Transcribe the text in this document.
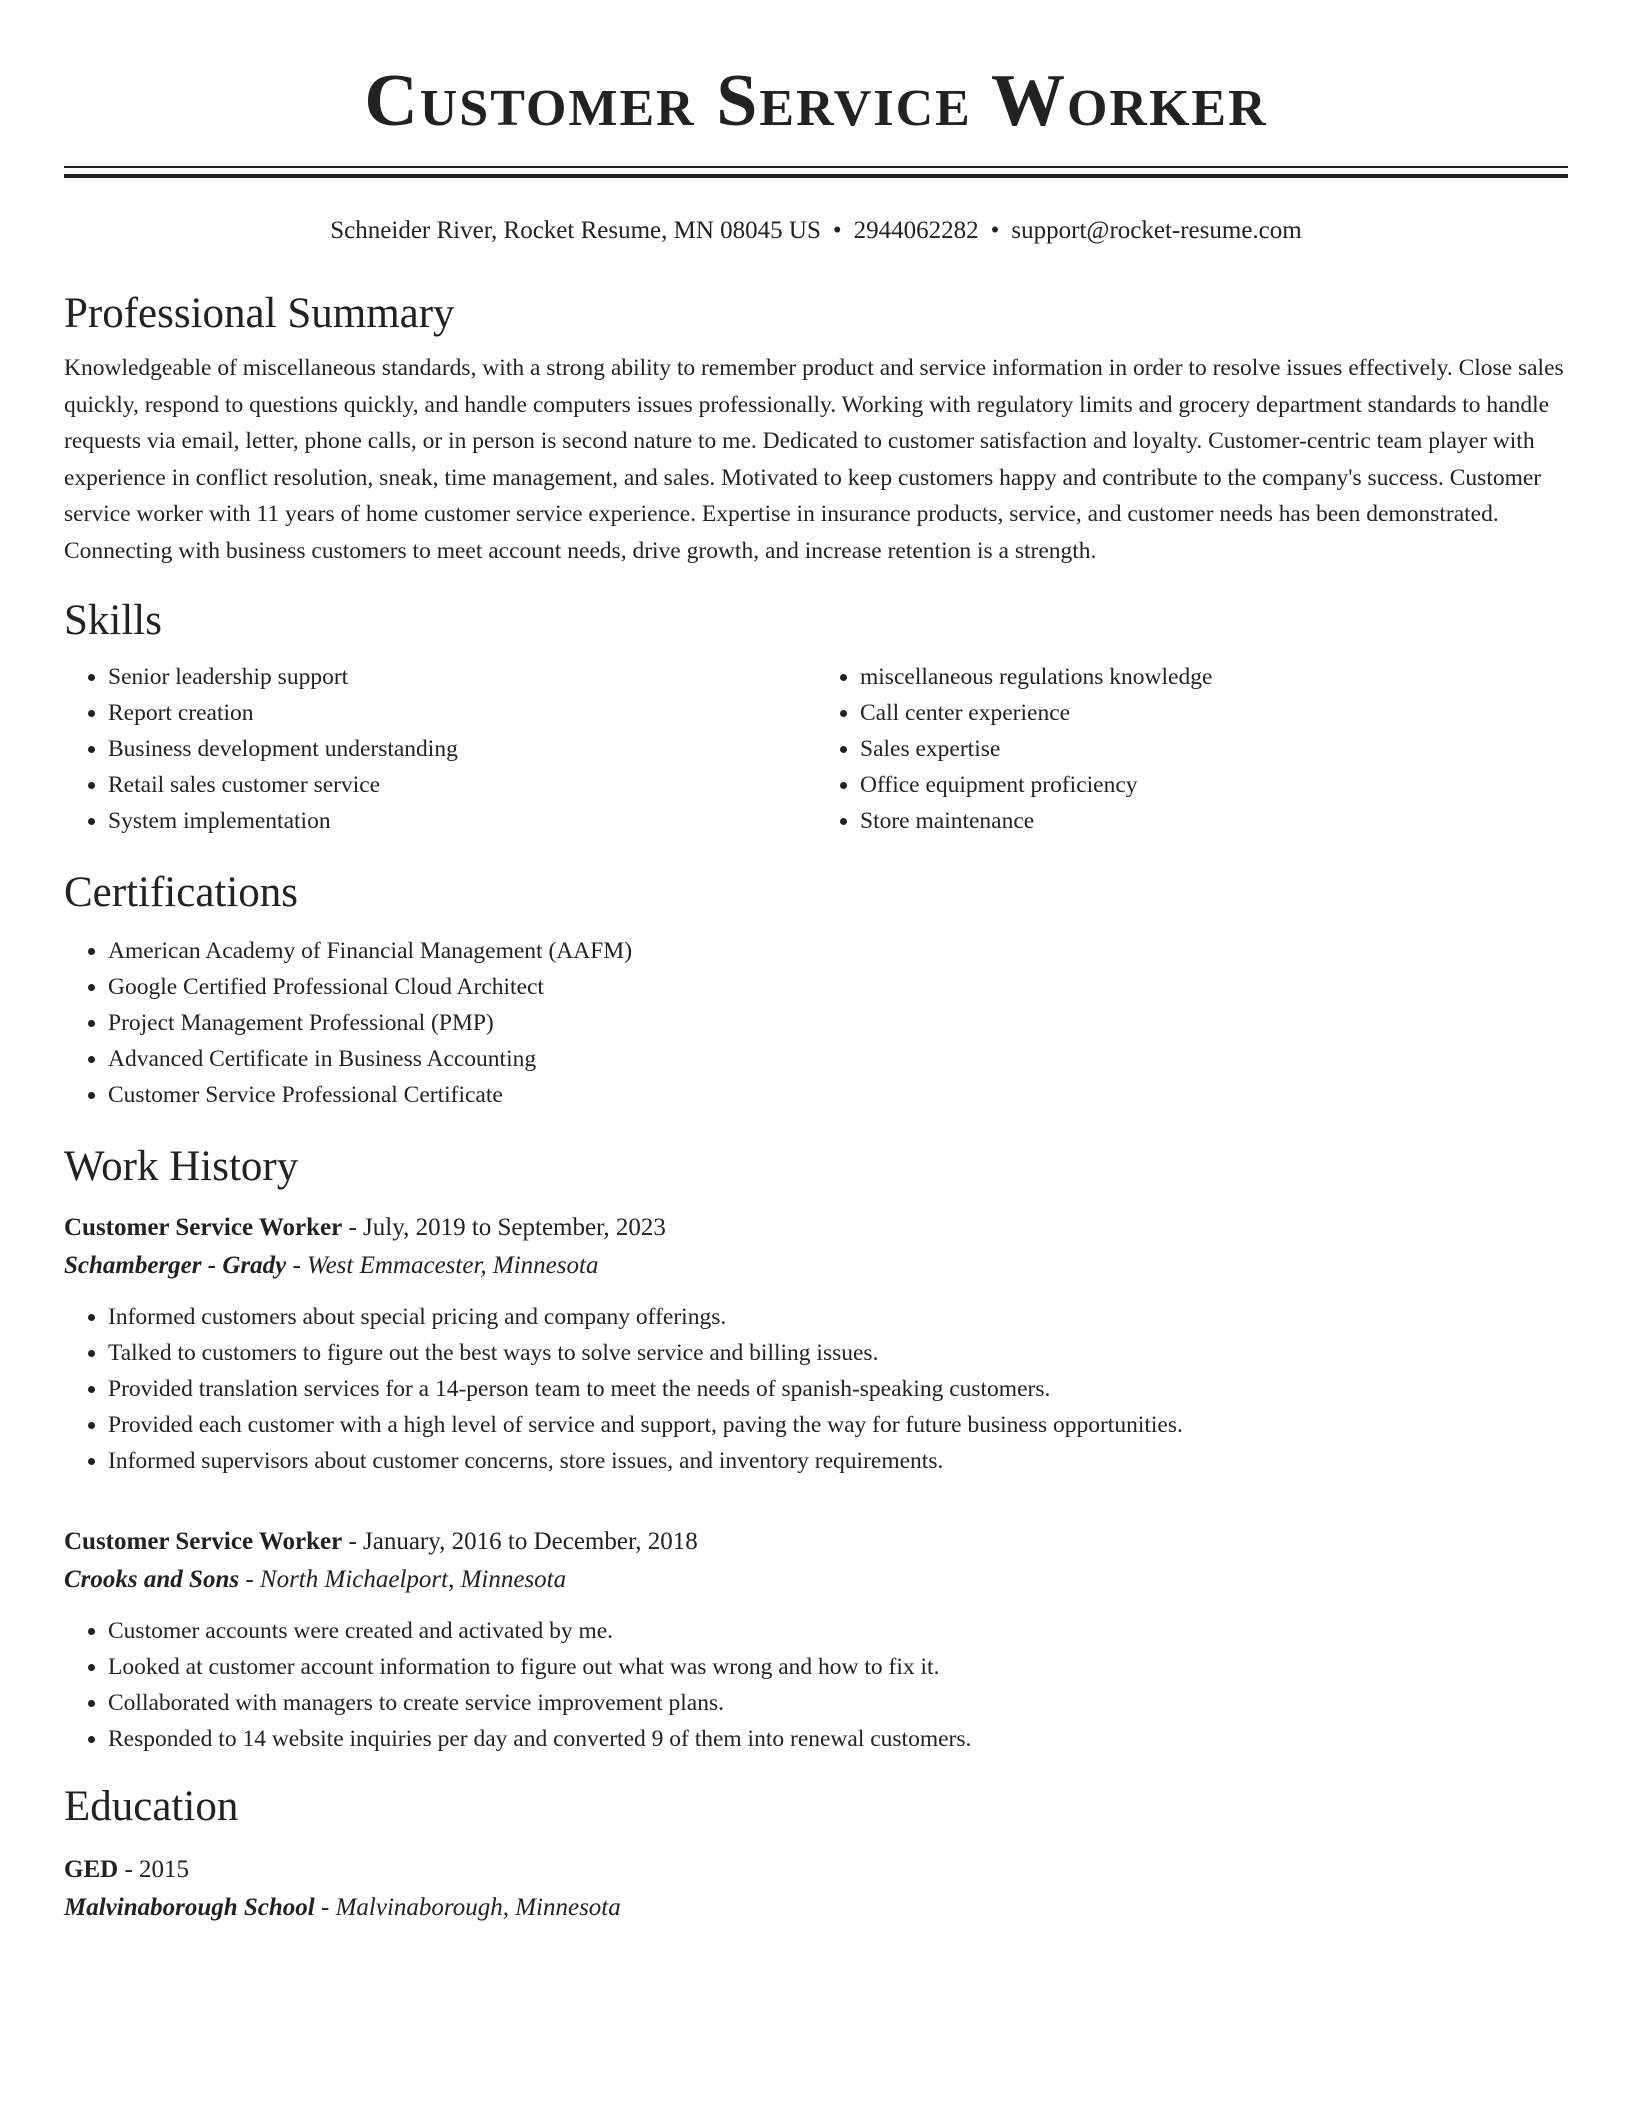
Customer Service Worker
Schneider River, Rocket Resume, MN 08045 US • 2944062282 • support@rocket-resume.com
Professional Summary

Knowledgeable of miscellaneous standards, with a strong ability to remember product and service information in order to resolve issues effectively. Close sales quickly, respond to questions quickly, and handle computers issues professionally. Working with regulatory limits and grocery department standards to handle requests via email, letter, phone calls, or in person is second nature to me. Dedicated to customer satisfaction and loyalty. Customer-centric team player with experience in conflict resolution, sneak, time management, and sales. Motivated to keep customers happy and contribute to the company's success. Customer service worker with 11 years of home customer service experience. Expertise in insurance products, service, and customer needs has been demonstrated. Connecting with business customers to meet account needs, drive growth, and increase retention is a strength.

Skills
• Senior leadership support
• Report creation
• Business development understanding
• Retail sales customer service
• System implementation
• miscellaneous regulations knowledge
• Call center experience
• Sales expertise
• Office equipment proficiency
• Store maintenance
Certifications
• American Academy of Financial Management (AAFM)
• Google Certified Professional Cloud Architect
• Project Management Professional (PMP)
• Advanced Certificate in Business Accounting
• Customer Service Professional Certificate
Work History
Customer Service Worker - July, 2019 to September, 2023
Schamberger - Grady - West Emmacester, Minnesota
• Informed customers about special pricing and company offerings.
• Talked to customers to figure out the best ways to solve service and billing issues.
• Provided translation services for a 14-person team to meet the needs of spanish-speaking customers.
• Provided each customer with a high level of service and support, paving the way for future business opportunities.
• Informed supervisors about customer concerns, store issues, and inventory requirements.
Customer Service Worker - January, 2016 to December, 2018
Crooks and Sons - North Michaelport, Minnesota
• Customer accounts were created and activated by me.
• Looked at customer account information to figure out what was wrong and how to fix it.
• Collaborated with managers to create service improvement plans.
• Responded to 14 website inquiries per day and converted 9 of them into renewal customers.
Education
GED - 2015
Malvinaborough School - Malvinaborough, Minnesota
